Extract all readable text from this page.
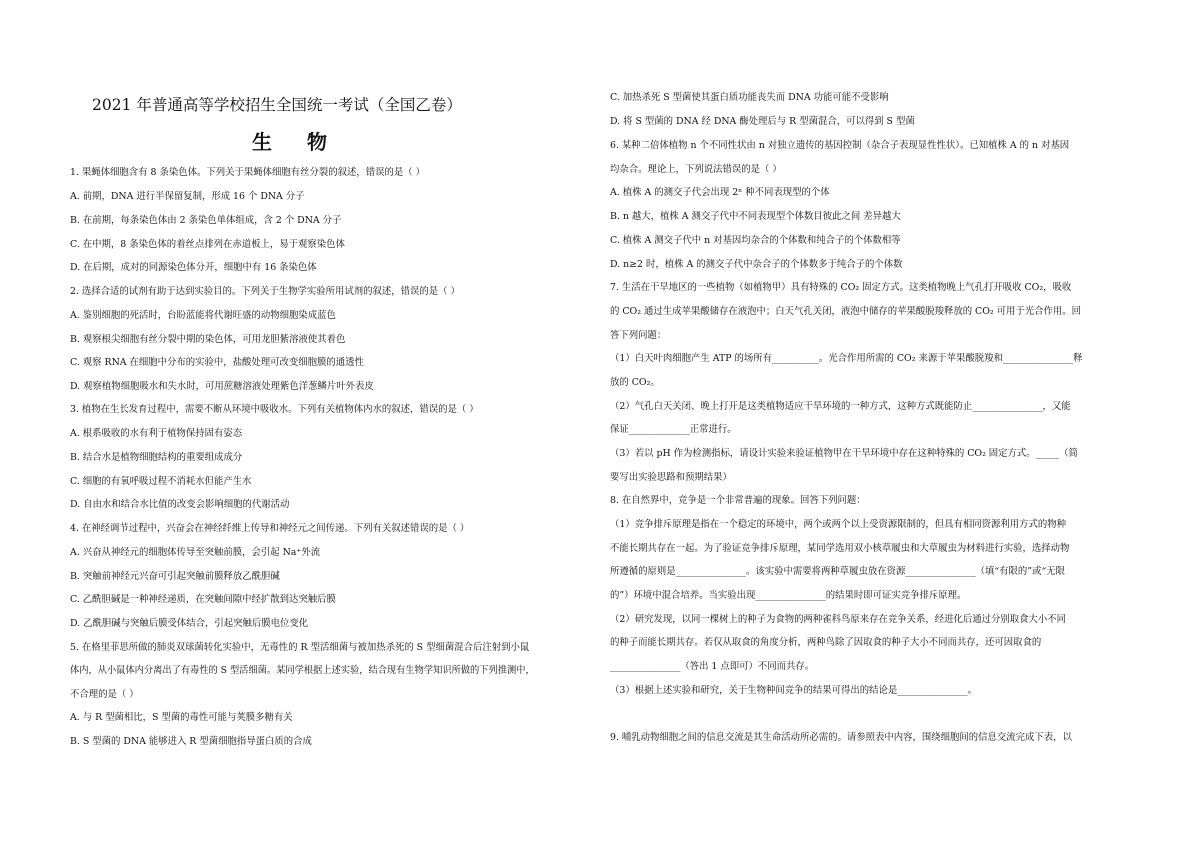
2021 年普通高等学校招生全国统一考试（全国乙卷）
生 物
1. 果蝇体细胞含有 8 条染色体。下列关于果蝇体细胞有丝分裂的叙述，错误的是（ ）
A. 前期，DNA 进行半保留复制，形成 16 个 DNA 分子
B. 在前期，每条染色体由 2 条染色单体组成，含 2 个 DNA 分子
C. 在中期，8 条染色体的着丝点排列在赤道板上，易于观察染色体
D. 在后期，成对的同源染色体分开，细胞中有 16 条染色体
2. 选择合适的试剂有助于达到实验目的。下列关于生物学实验所用试剂的叙述，错误的是（ ）
A. 鉴别细胞的死活时，台盼蓝能将代谢旺盛的动物细胞染成蓝色
B. 观察根尖细胞有丝分裂中期的染色体，可用龙胆紫溶液使其着色
C. 观察 RNA 在细胞中分布的实验中，盐酸处理可改变细胞膜的通透性
D. 观察植物细胞吸水和失水时，可用蔗糖溶液处理紫色洋葱鳞片叶外表皮
3. 植物在生长发育过程中，需要不断从环境中吸收水。下列有关植物体内水的叙述，错误的是（ ）
A. 根系吸收的水有利于植物保持固有姿态
B. 结合水是植物细胞结构的重要组成成分
C. 细胞的有氧呼吸过程不消耗水但能产生水
D. 自由水和结合水比值的改变会影响细胞的代谢活动
4. 在神经调节过程中，兴奋会在神经纤维上传导和神经元之间传递。下列有关叙述错误的是（ ）
A. 兴奋从神经元的细胞体传导至突触前膜，会引起 Na⁺外流
B. 突触前神经元兴奋可引起突触前膜释放乙酰胆碱
C. 乙酰胆碱是一种神经递质，在突触间隙中经扩散到达突触后膜
D. 乙酰胆碱与突触后膜受体结合，引起突触后膜电位变化
5. 在格里菲思所做的肺炎双球菌转化实验中，无毒性的 R 型活细菌与被加热杀死的 S 型细菌混合后注射到小鼠
体内，从小鼠体内分离出了有毒性的 S 型活细菌。某同学根据上述实验，结合现有生物学知识所做的下列推测中，
不合理的是（ ）
A. 与 R 型菌相比，S 型菌的毒性可能与荚膜多糖有关
B. S 型菌的 DNA 能够进入 R 型菌细胞指导蛋白质的合成
C. 加热杀死 S 型菌使其蛋白质功能丧失而 DNA 功能可能不受影响
D. 将 S 型菌的 DNA 经 DNA 酶处理后与 R 型菌混合，可以得到 S 型菌
6. 某种二倍体植物 n 个不同性状由 n 对独立遗传的基因控制（杂合子表现显性性状）。已知植株 A 的 n 对基因
均杂合。理论上，下列说法错误的是（ ）
A. 植株 A 的测交子代会出现 2ⁿ 种不同表现型的个体
B. n 越大，植株 A 测交子代中不同表现型个体数目彼此之间 差异越大
C. 植株 A 测交子代中 n 对基因均杂合的个体数和纯合子的个体数相等
D. n≥2 时，植株 A 的测交子代中杂合子的个体数多于纯合子的个体数
7. 生活在干旱地区的一些植物（如植物甲）具有特殊的 CO₂ 固定方式。这类植物晚上气孔打开吸收 CO₂，吸收
的 CO₂ 通过生成苹果酸储存在液泡中；白天气孔关闭，液泡中储存的苹果酸脱羧释放的 CO₂ 可用于光合作用。回
答下列问题：
（1）白天叶肉细胞产生 ATP 的场所有__________。光合作用所需的 CO₂ 来源于苹果酸脱羧和_______________释
放的 CO₂。
（2）气孔白天关闭、晚上打开是这类植物适应干旱环境的一种方式，这种方式既能防止_______________，又能
保证_____________正常进行。
（3）若以 pH 作为检测指标，请设计实验来验证植物甲在干旱环境中存在这种特殊的 CO₂ 固定方式。_____（简
要写出实验思路和预期结果）
8. 在自然界中，竞争是一个非常普遍的现象。回答下列问题：
（1）竞争排斥原理是指在一个稳定的环境中，两个或两个以上受资源限制的，但具有相同资源利用方式的物种
不能长期共存在一起。为了验证竞争排斥原理，某同学选用双小核草履虫和大草履虫为材料进行实验，选择动物
所遵循的原则是_______________。该实验中需要将两种草履虫放在资源_______________（填“有限的”或“无限
的”）环境中混合培养。当实验出现_______________的结果时即可证实竞争排斥原理。
（2）研究发现，以同一棵树上的种子为食物的两种雀科鸟原来存在竞争关系，经进化后通过分别取食大小不同
的种子而能长期共存。若仅从取食的角度分析，两种鸟除了因取食的种子大小不同而共存，还可因取食的
_______________（答出 1 点即可）不同而共存。
（3）根据上述实验和研究，关于生物种间竞争的结果可得出的结论是_______________。
9. 哺乳动物细胞之间的信息交流是其生命活动所必需的。请参照表中内容，围绕细胞间的信息交流完成下表，以
